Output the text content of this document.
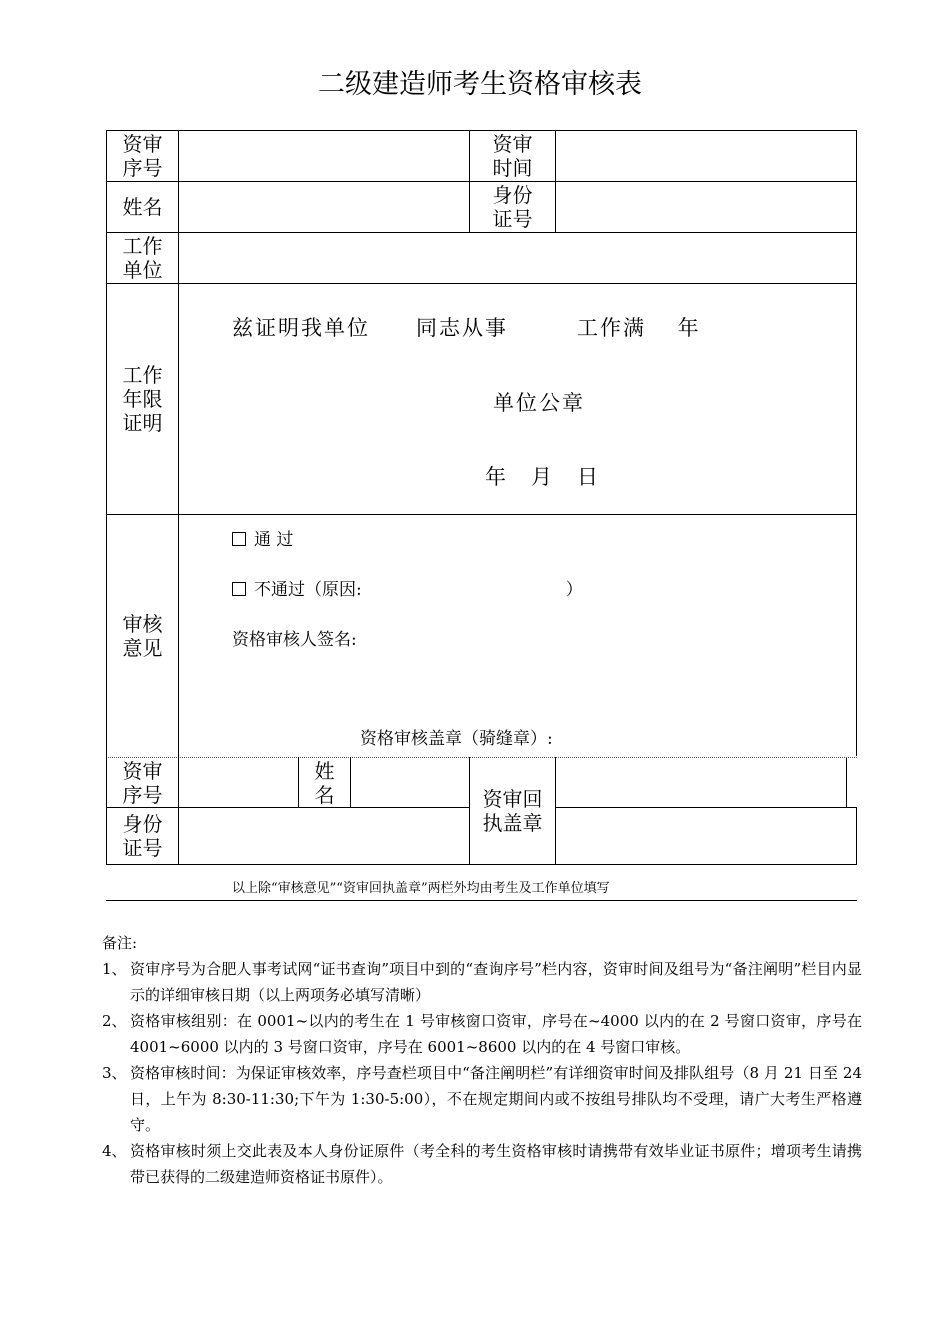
二级建造师考生资格审核表
资审
序号
资审
时间
姓名	身份
证号
工作
单位
工作
年限
证明
兹证明我单位　　同志从事　　　工作满　 年
单位公章
年　月　日
审核
意见
通 过
不通过（原因:　　　　　　　　　　　　）
资格审核人签名:
资格审核盖章（骑缝章）:
资审
序号
姓
名	资审回
执盖章
身份
证号
以上除“审核意见”“资审回执盖章”两栏外均由考生及工作单位填写
备注:
1、 资审序号为合肥人事考试网“证书查询”项目中到的“查询序号”栏内容，资审时间及组号为“备注阐明”栏目内显示的详细审核日期（以上两项务必填写清晰）
2、 资格审核组别：在 0001~以内的考生在 1 号审核窗口资审，序号在~4000 以内的在 2 号窗口资审，序号在 4001~6000 以内的 3 号窗口资审，序号在 6001~8600 以内的在 4 号窗口审核。
3、 资格审核时间：为保证审核效率，序号查栏项目中“备注阐明栏”有详细资审时间及排队组号（8 月 21 日至 24 日，上午为 8:30-11:30;下午为 1:30-5:00），不在规定期间内或不按组号排队均不受理，请广大考生严格遵守。
4、 资格审核时须上交此表及本人身份证原件（考全科的考生资格审核时请携带有效毕业证书原件；增项考生请携带已获得的二级建造师资格证书原件）。
